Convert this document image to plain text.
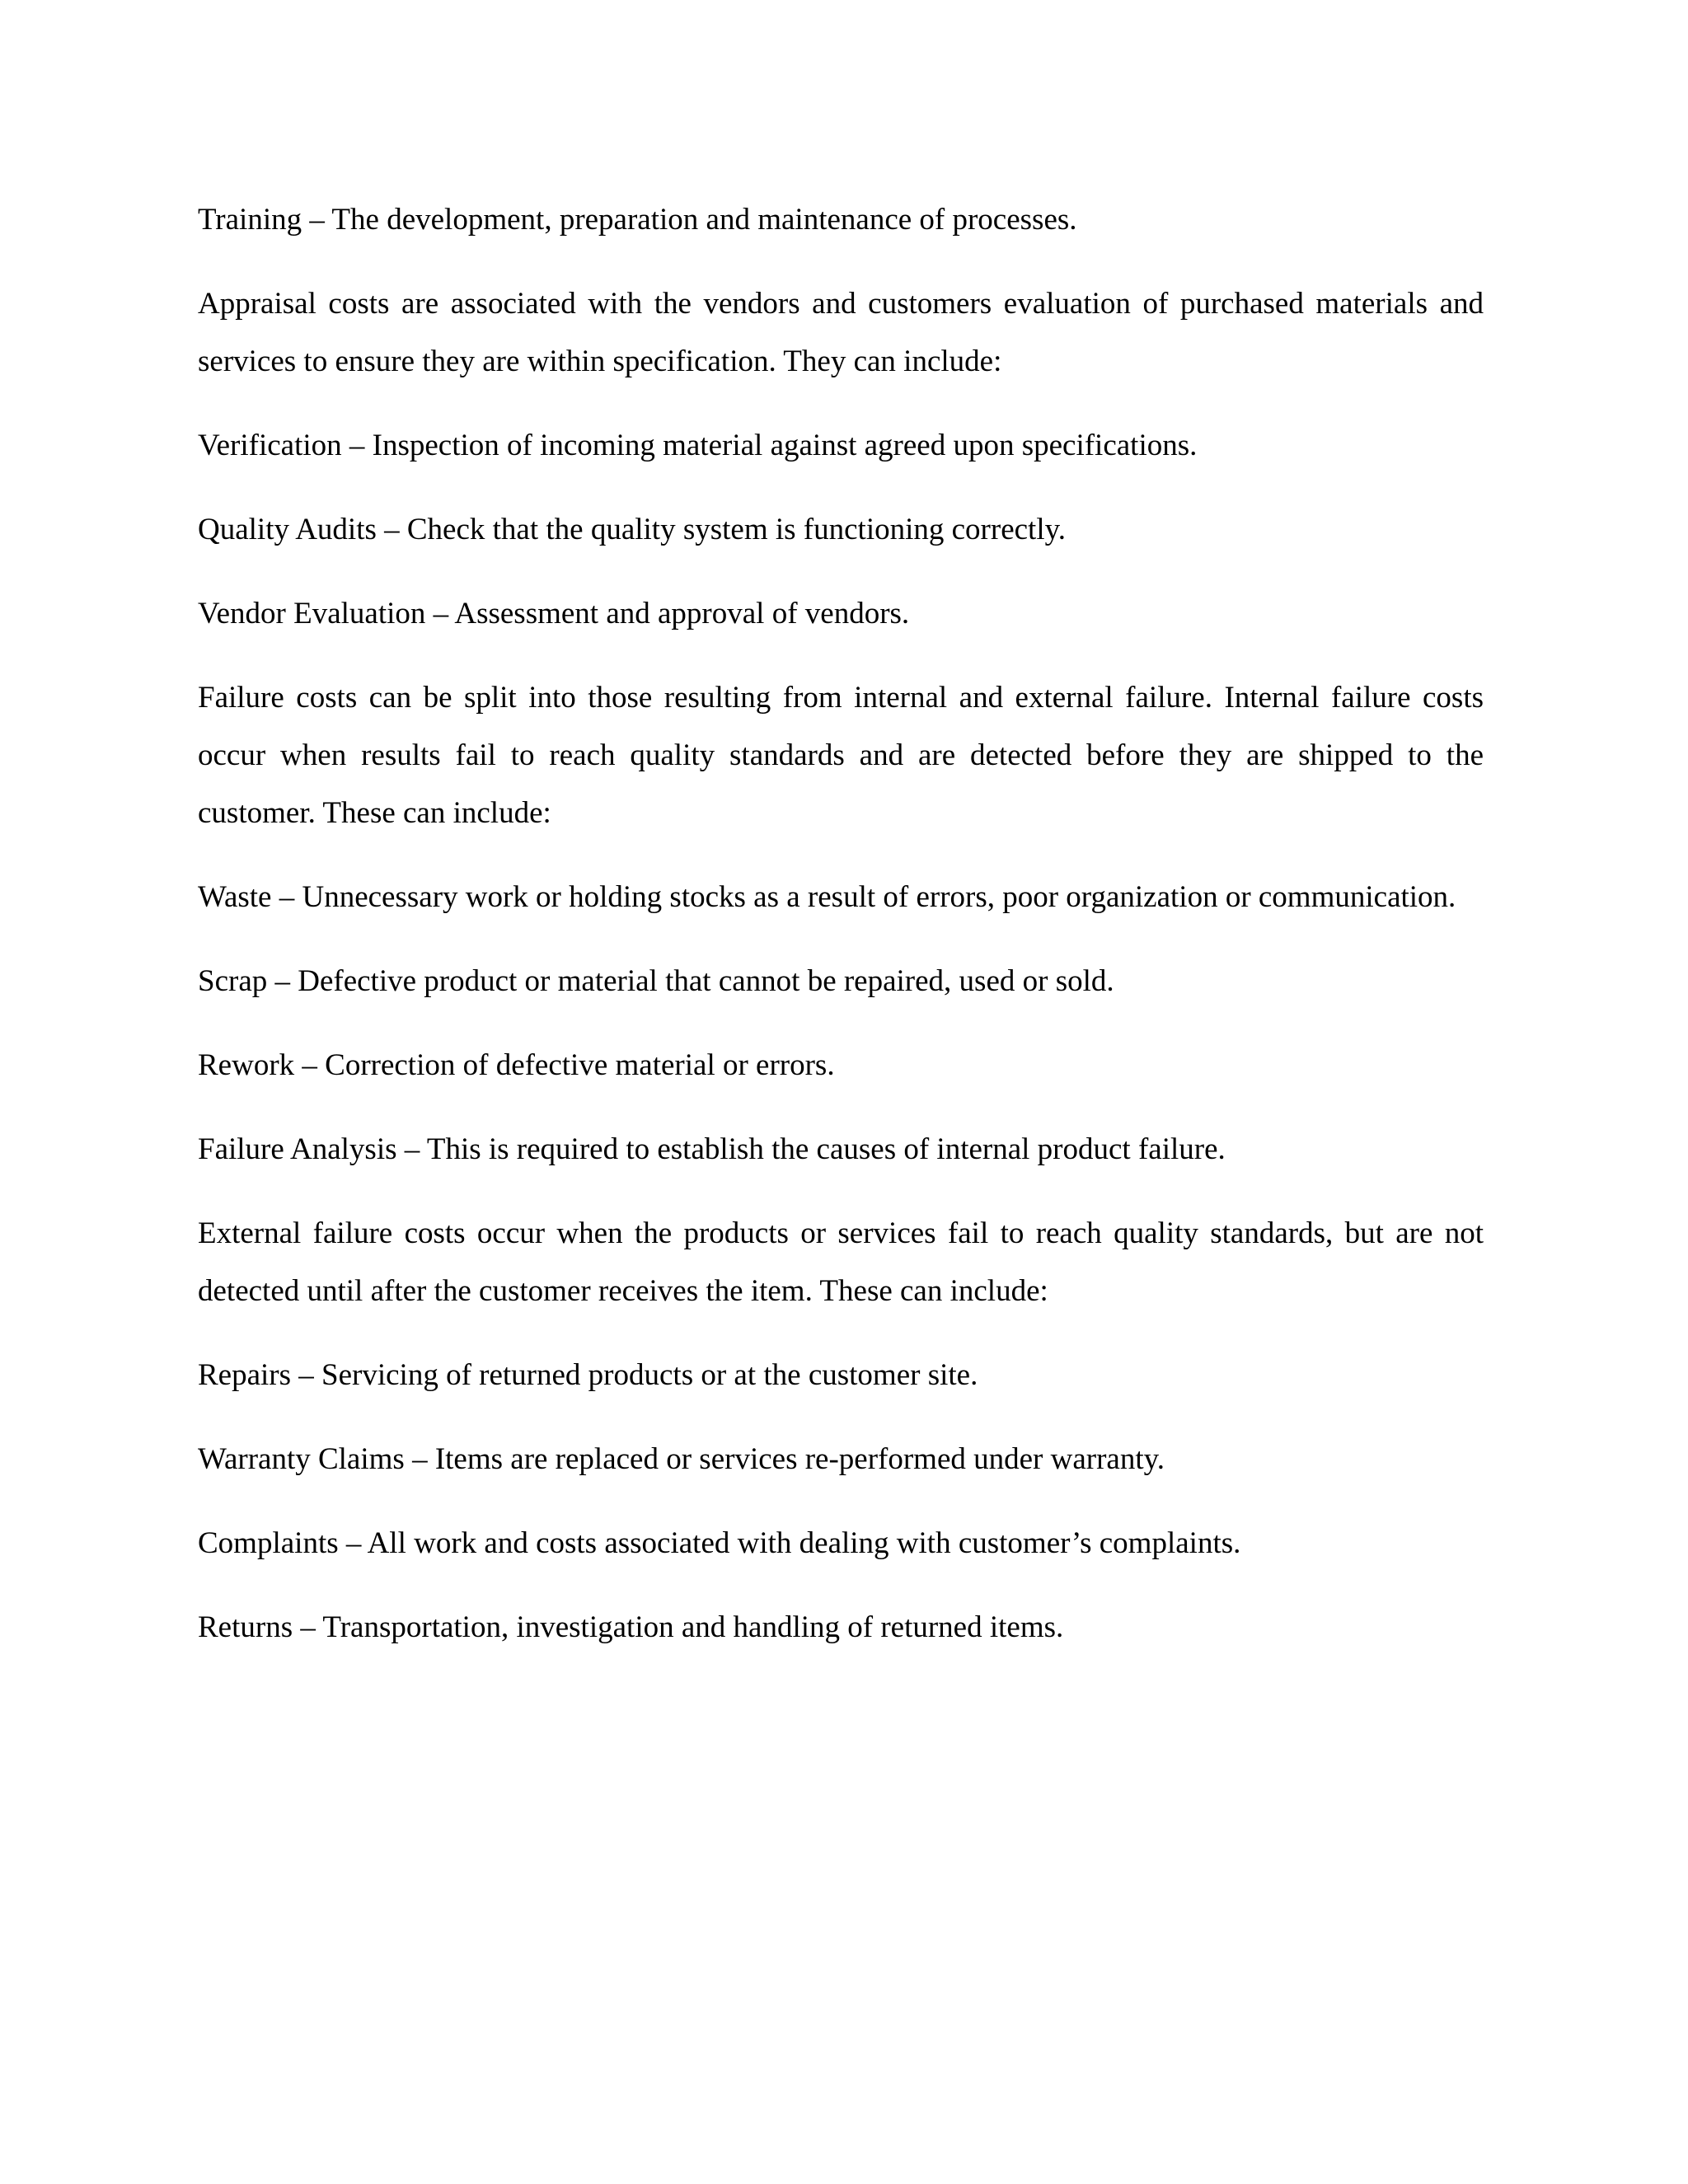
Training – The development, preparation and maintenance of processes.

Appraisal costs are associated with the vendors and customers evaluation of purchased materials and services to ensure they are within specification. They can include:

Verification – Inspection of incoming material against agreed upon specifications.

Quality Audits – Check that the quality system is functioning correctly.

Vendor Evaluation – Assessment and approval of vendors.

Failure costs can be split into those resulting from internal and external failure. Internal failure costs occur when results fail to reach quality standards and are detected before they are shipped to the customer. These can include:

Waste – Unnecessary work or holding stocks as a result of errors, poor organization or communication.

Scrap – Defective product or material that cannot be repaired, used or sold.

Rework – Correction of defective material or errors.

Failure Analysis – This is required to establish the causes of internal product failure.

External failure costs occur when the products or services fail to reach quality standards, but are not detected until after the customer receives the item. These can include:

Repairs – Servicing of returned products or at the customer site.

Warranty Claims – Items are replaced or services re-performed under warranty.

Complaints – All work and costs associated with dealing with customer’s complaints.

Returns – Transportation, investigation and handling of returned items.
